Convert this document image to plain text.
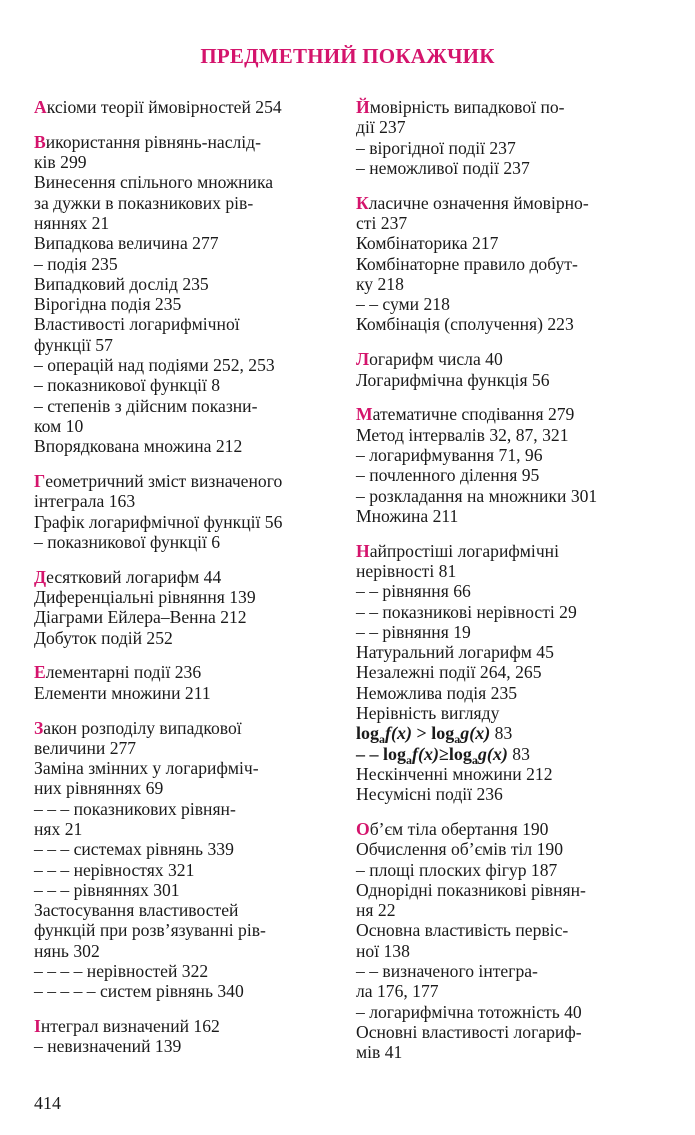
ПРЕДМЕТНИЙ ПОКАЖЧИК
Аксіоми теорії ймовірностей 254
Використання рівнянь-наслід-
ків 299
Винесення спільного множника
за дужки в показникових рів-
няннях 21
Випадкова величина 277
– подія 235
Випадковий дослід 235
Вірогідна подія 235
Властивості логарифмічної
функції 57
– операцій над подіями 252, 253
– показникової функції 8
– степенів з дійсним показни-
ком 10
Впорядкована множина 212
Геометричний зміст визначеного
інтеграла 163
Графік логарифмічної функції 56
– показникової функції 6
Десятковий логарифм 44
Диференціальні рівняння 139
Діаграми Ейлера–Венна 212
Добуток подій 252
Елементарні події 236
Елементи множини 211
Закон розподілу випадкової
величини 277
Заміна змінних у логарифміч-
них рівняннях 69
– – – показникових рівнян-
нях 21
– – – системах рівнянь 339
– – – нерівностях 321
– – – рівняннях 301
Застосування властивостей
функцій при розв’язуванні рів-
нянь 302
– – – – нерівностей 322
– – – – – систем рівнянь 340
Інтеграл визначений 162
– невизначений 139
Ймовірність випадкової по-
дії 237
– вірогідної події 237
– неможливої події 237
Класичне означення ймовірно-
сті 237
Комбінаторика 217
Комбінаторне правило добут-
ку 218
– – суми 218
Комбінація (сполучення) 223
Логарифм числа 40
Логарифмічна функція 56
Математичне сподівання 279
Метод інтервалів 32, 87, 321
– логарифмування 71, 96
– почленного ділення 95
– розкладання на множники 301
Множина 211
Найпростіші логарифмічні
нерівності 81
– – рівняння 66
– – показникові нерівності 29
– – рівняння 19
Натуральний логарифм 45
Незалежні події 264, 265
Неможлива подія 235
Нерівність вигляду
$\log_af(x) > \log_ag(x)$ 83
– – $\log_af(x)\ge\log_ag(x)$ 83
Нескінченні множини 212
Несумісні події 236
Об’єм тіла обертання 190
Обчислення об’ємів тіл 190
– площі плоских фігур 187
Однорідні показникові рівнян-
ня 22
Основна властивість первіс-
ної 138
– – визначеного інтегра-
ла 176, 177
– логарифмічна тотожність 40
Основні властивості логариф-
мів 41
414
